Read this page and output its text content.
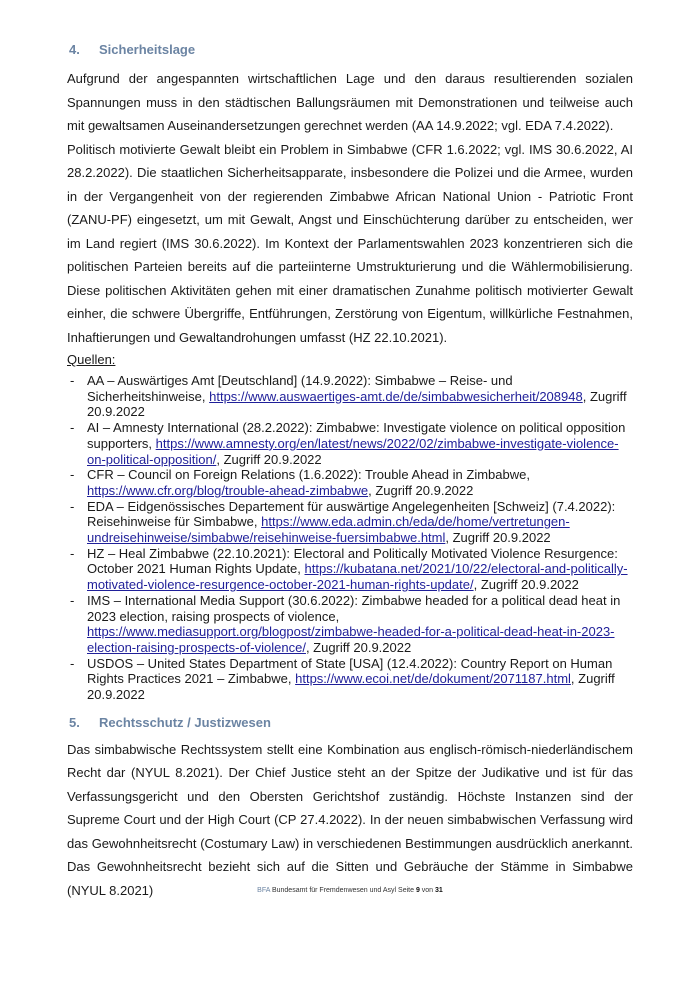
4.	Sicherheitslage

Aufgrund der angespannten wirtschaftlichen Lage und den daraus resultierenden sozialen Spannungen muss in den städtischen Ballungsräumen mit Demonstrationen und teilweise auch mit gewaltsamen Auseinandersetzungen gerechnet werden (AA 14.9.2022; vgl. EDA 7.4.2022).

Politisch motivierte Gewalt bleibt ein Problem in Simbabwe (CFR 1.6.2022; vgl. IMS 30.6.2022, AI 28.2.2022). Die staatlichen Sicherheitsapparate, insbesondere die Polizei und die Armee, wurden in der Vergangenheit von der regierenden Zimbabwe African National Union - Patriotic Front (ZANU-PF) eingesetzt, um mit Gewalt, Angst und Einschüchterung darüber zu entscheiden, wer im Land regiert (IMS 30.6.2022). Im Kontext der Parlamentswahlen 2023 konzentrieren sich die politischen Parteien bereits auf die parteiinterne Umstrukturierung und die Wählermobilisierung. Diese politischen Aktivitäten gehen mit einer dramatischen Zunahme politisch motivierter Gewalt einher, die schwere Übergriffe, Entführungen, Zerstörung von Eigentum, willkürliche Festnahmen, Inhaftierungen und Gewaltandrohungen umfasst (HZ 22.10.2021).

Quellen:

- AA – Auswärtiges Amt [Deutschland] (14.9.2022): Simbabwe – Reise- und Sicherheitshinweise, https://www.auswaertiges-amt.de/de/simbabwesicherheit/208948, Zugriff 20.9.2022
- AI – Amnesty International (28.2.2022): Zimbabwe: Investigate violence on political opposition supporters, https://www.amnesty.org/en/latest/news/2022/02/zimbabwe-investigate-violence-on-political-opposition/, Zugriff 20.9.2022
- CFR – Council on Foreign Relations (1.6.2022): Trouble Ahead in Zimbabwe, https://www.cfr.org/blog/trouble-ahead-zimbabwe, Zugriff 20.9.2022
- EDA – Eidgenössisches Departement für auswärtige Angelegenheiten [Schweiz] (7.4.2022): Reisehinweise für Simbabwe, https://www.eda.admin.ch/eda/de/home/vertretungen-undreisehinweise/simbabwe/reisehinweise-fuersimbabwe.html, Zugriff 20.9.2022
- HZ – Heal Zimbabwe (22.10.2021): Electoral and Politically Motivated Violence Resurgence: October 2021 Human Rights Update, https://kubatana.net/2021/10/22/electoral-and-politically-motivated-violence-resurgence-october-2021-human-rights-update/, Zugriff 20.9.2022
- IMS – International Media Support (30.6.2022): Zimbabwe headed for a political dead heat in 2023 election, raising prospects of violence, https://www.mediasupport.org/blogpost/zimbabwe-headed-for-a-political-dead-heat-in-2023-election-raising-prospects-of-violence/, Zugriff 20.9.2022
- USDOS – United States Department of State [USA] (12.4.2022): Country Report on Human Rights Practices 2021 – Zimbabwe, https://www.ecoi.net/de/dokument/2071187.html, Zugriff 20.9.2022
5.	Rechtsschutz / Justizwesen

Das simbabwische Rechtssystem stellt eine Kombination aus englisch-römisch-niederländischem Recht dar (NYUL 8.2021). Der Chief Justice steht an der Spitze der Judikative und ist für das Verfassungsgericht und den Obersten Gerichtshof zuständig. Höchste Instanzen sind der Supreme Court und der High Court (CP 27.4.2022). In der neuen simbabwischen Verfassung wird das Gewohnheitsrecht (Costumary Law) in verschiedenen Bestimmungen ausdrücklich anerkannt. Das Gewohnheitsrecht bezieht sich auf die Sitten und Gebräuche der Stämme in Simbabwe (NYUL 8.2021)	BFA Bundesamt für Fremdenwesen und Asyl Seite 9 von 31
